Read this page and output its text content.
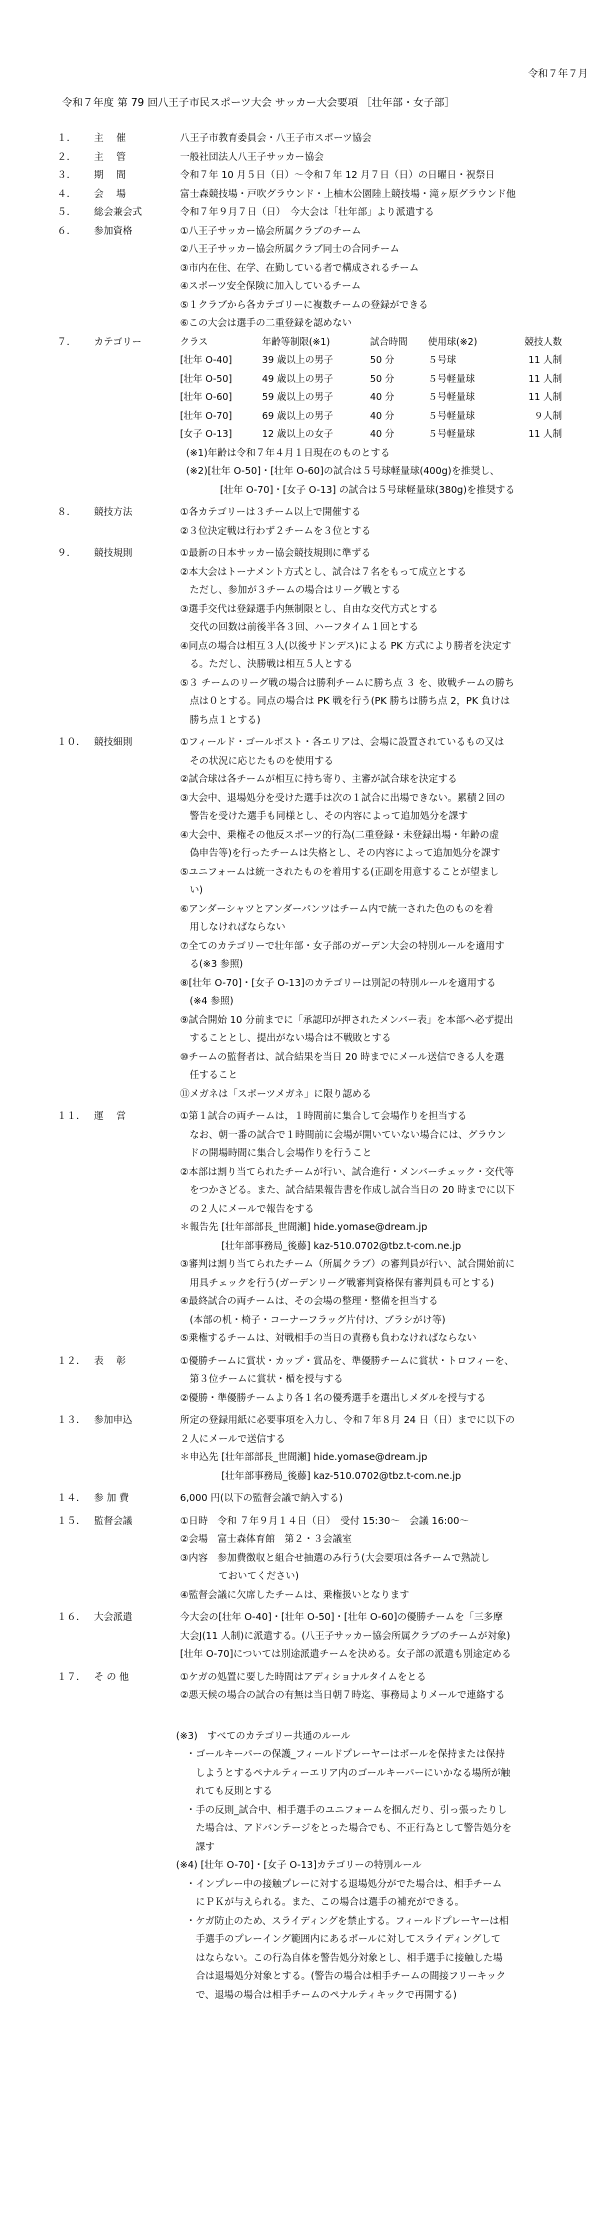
令和７年７月
令和７年度 第 79 回八王子市民スポーツ大会 サッカー大会要項 ［壮年部・女子部］
１．	主　 催	八王子市教育委員会・八王子市スポーツ協会
２．	主　 管	一般社団法人八王子サッカー協会
３．	期　 間	令和７年 10 月５日（日）～令和７年 12 月７日（日）の日曜日・祝祭日
４．	会　 場	富士森競技場・戸吹グラウンド・上柚木公園陸上競技場・滝ヶ原グラウンド他
５．	総会兼会式	令和７年９月７日（日）　今大会は「壮年部」より派遣する
６．	参加資格	①八王子サッカー協会所属クラブのチーム
②八王子サッカー協会所属クラブ同士の合同チーム
③市内在住、在学、在勤している者で構成されるチーム
④スポーツ安全保険に加入しているチーム
⑤１クラブから各カテゴリーに複数チームの登録ができる
⑥この大会は選手の二重登録を認めない
７．	カテゴリー	クラス	年齢等制限(※1)	試合時間	使用球(※2)	競技人数
[壮年 O-40]	39 歳以上の男子	50 分	５号球	11 人制
[壮年 O-50]	49 歳以上の男子	50 分	５号軽量球	11 人制
[壮年 O-60]	59 歳以上の男子	40 分	５号軽量球	11 人制
[壮年 O-70]	69 歳以上の男子	40 分	５号軽量球	９人制
[女子 O-13]	12 歳以上の女子	40 分	５号軽量球	11 人制
(※1)年齢は令和７年４月１日現在のものとする
(※2)[壮年 O-50]・[壮年 O-60]の試合は５号球軽量球(400g)を推奨し、
[壮年 O-70]・[女子 O-13] の試合は５号球軽量球(380g)を推奨する
８．	競技方法	①各カテゴリーは３チーム以上で開催する
②３位決定戦は行わず２チームを３位とする
９．	競技規則	①最新の日本サッカー協会競技規則に準ずる
②本大会はトーナメント方式とし、試合は７名をもって成立とする
　ただし、参加が３チームの場合はリーグ戦とする
③選手交代は登録選手内無制限とし、自由な交代方式とする
　交代の回数は前後半各３回、ハーフタイム１回とする
④同点の場合は相互３人(以後サドンデス)による PK 方式により勝者を決定す
　る。ただし、決勝戦は相互５人とする
⑤３ チームのリーグ戦の場合は勝利チームに勝ち点 ３ を、敗戦チームの勝ち
　点は０とする。同点の場合は PK 戦を行う(PK 勝ちは勝ち点 2，PK 負けは
　勝ち点１とする)
１０． 競技細則	①フィールド・ゴールポスト・各エリアは、会場に設置されているもの又は
　その状況に応じたものを使用する
②試合球は各チームが相互に持ち寄り、主審が試合球を決定する
③大会中、退場処分を受けた選手は次の１試合に出場できない。累積２回の
　警告を受けた選手も同様とし、その内容によって追加処分を課す
④大会中、乗権その他反スポーツ的行為(二重登録・未登録出場・年齢の虚
　偽申告等)を行ったチームは失格とし、その内容によって追加処分を課す
⑤ユニフォームは統一されたものを着用する(正副を用意することが望まし
　い)
⑥アンダーシャツとアンダーパンツはチーム内で統一された色のものを着
　用しなければならない
⑦全てのカテゴリーで壮年部・女子部のガーデン大会の特別ルールを適用す
　る(※3 参照)
⑧[壮年 O-70]・[女子 O-13]のカテゴリーは別記の特別ルールを適用する
　(※4 参照)
⑨試合開始 10 分前までに「承認印が押されたメンバー表」を本部へ必ず提出
　することとし、提出がない場合は不戦敗とする
⑩チームの監督者は、試合結果を当日 20 時までにメール送信できる人を選
　任すること
⑪メガネは「スポーツメガネ」に限り認める
１１． 運　 営	①第１試合の両チームは，１時間前に集合して会場作りを担当する
　なお、朝一番の試合で１時間前に会場が開いていない場合には、グラウン
　ドの開場時間に集合し会場作りを行うこと
②本部は割り当てられたチームが行い、試合進行・メンバーチェック・交代等
　をつかさどる。また、試合結果報告書を作成し試合当日の 20 時までに以下
　の２人にメールで報告をする
＊報告先 [壮年部部長_世間瀬] hide.yomase@dream.jp
　　　　 [壮年部事務局_後藤] kaz-510.0702@tbz.t-com.ne.jp
③審判は割り当てられたチーム（所属クラブ）の審判員が行い、試合開始前に
　用具チェックを行う(ガーデンリーグ戦審判資格保有審判員も可とする)
④最終試合の両チームは、その会場の整理・整備を担当する
　(本部の机・椅子・コーナーフラッグ片付け、ブラシがけ等)
⑤乗権するチームは、対戦相手の当日の責務も負わなければならない
１２． 表　 彰	①優勝チームに賞状・カップ・賞品を、準優勝チームに賞状・トロフィーを、
　第３位チームに賞状・楯を授与する
②優勝・準優勝チームより各１名の優秀選手を選出しメダルを授与する
１３． 参加申込	所定の登録用紙に必要事項を入力し、令和７年８月 24 日（日）までに以下の
２人にメールで送信する
＊申込先 [壮年部部長_世間瀬] hide.yomase@dream.jp
　　　　 [壮年部事務局_後藤] kaz-510.0702@tbz.t-com.ne.jp
１４． 参 加 費	6,000 円(以下の監督会議で納入する)
１５． 監督会議	①日時　令和 ７年９月１４日（日）　受付 15:30～　会議 16:00～
②会場　富士森体育館　第２・３会議室
③内容　参加費徴収と組合せ抽選のみ行う(大会要項は各チームで熟読し
　　　　ておいてください)
④監督会議に欠席したチームは、乗権扱いとなります
１６． 大会派遣	今大会の[壮年 O-40]・[壮年 O-50]・[壮年 O-60]の優勝チームを「三多摩
大会J(11 人制)に派遣する。(八王子サッカー協会所属クラブのチームが対象)
[壮年 O-70]については別途派遣チームを決める。女子部の派遣も別途定める
１７． そ の 他	①ケガの処置に要した時間はアディショナルタイムをとる
②悪天候の場合の試合の有無は当日朝７時迄、事務局よりメールで連絡する
(※3)　すべてのカテゴリー共通のルール
・ゴールキーパーの保護_フィールドプレーヤーはボールを保持または保持
　しようとするペナルティーエリア内のゴールキーパーにいかなる場所が触
　れても反則とする
・手の反則_試合中、相手選手のユニフォームを掴んだり、引っ張ったりし
　た場合は、アドバンテージをとった場合でも、不正行為として警告処分を
　課す
(※4) [壮年 O-70]・[女子 O-13]カテゴリーの特別ルール
・インプレー中の接触プレーに対する退場処分がでた場合は、相手チーム
　にＰＫが与えられる。また、この場合は選手の補充ができる。
・ケガ防止のため、スライディングを禁止する。フィールドプレーヤーは相
　手選手のプレーイング範囲内にあるボールに対してスライディングして
　はならない。この行為自体を警告処分対象とし、相手選手に接触した場
　合は退場処分対象とする。(警告の場合は相手チームの間接フリーキック
　で、退場の場合は相手チームのペナルティキックで再開する)
